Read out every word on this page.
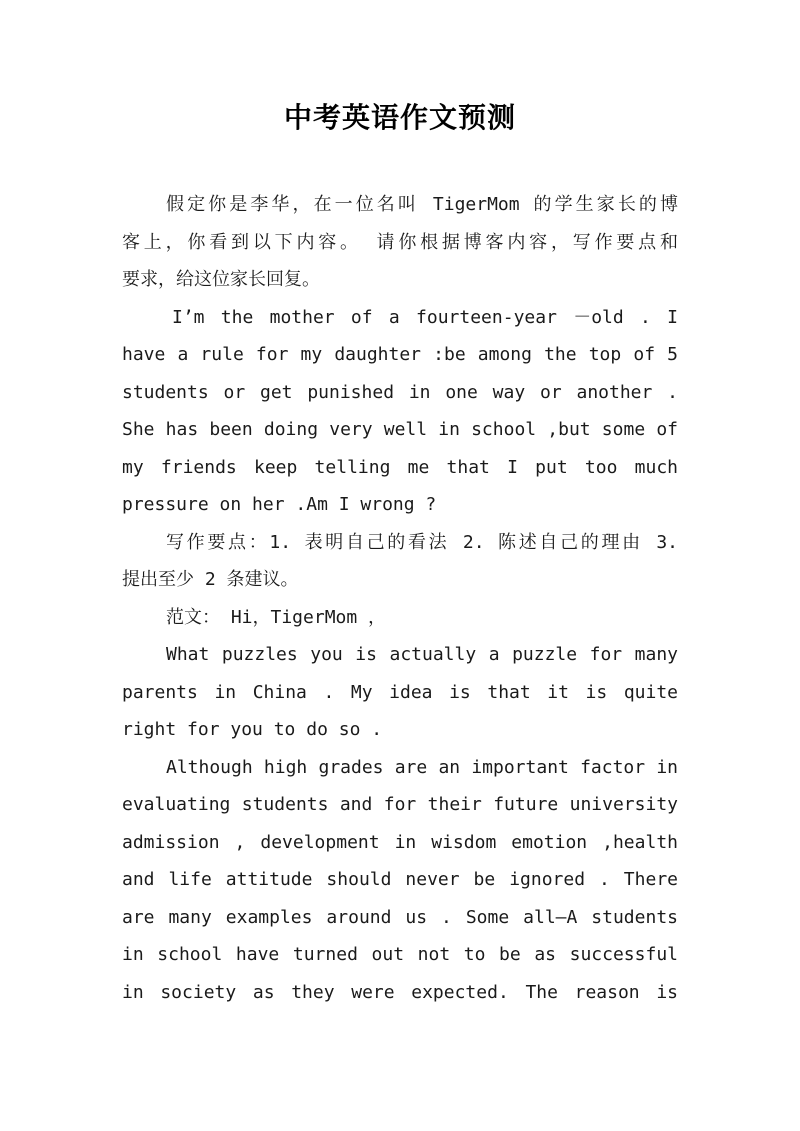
中考英语作文预测
假定你是李华，在一位名叫 TigerMom 的学生家长的博
客上，你看到以下内容。 请你根据博客内容，写作要点和
要求，给这位家长回复。
I’m the mother of a fourteen-year －old . I
have a rule for my daughter :be among the top of 5
students or get punished in one way or another .
She has been doing very well in school ,but some of
my friends keep telling me that I put too much
pressure on her .Am I wrong ?
写作要点：1. 表明自己的看法 2. 陈述自己的理由 3.
提出至少 2 条建议。
范文： Hi，TigerMom ，
What puzzles you is actually a puzzle for many
parents in China . My idea is that it is quite
right for you to do so .
Although high grades are an important factor in
evaluating students and for their future university
admission , development in wisdom emotion ,health
and life attitude should never be ignored . There
are many examples around us . Some all—A students
in school have turned out not to be as successful
in society as they were expected. The reason is
